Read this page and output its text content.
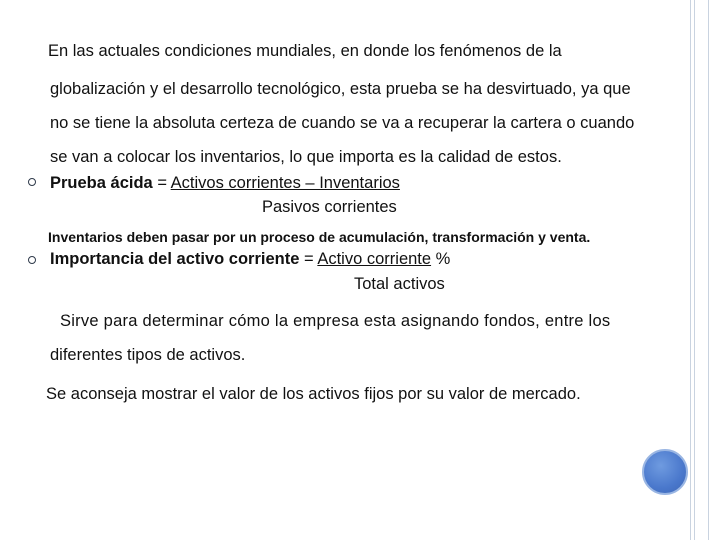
En las actuales condiciones mundiales, en donde los fenómenos de la
globalización y el desarrollo tecnológico, esta prueba se ha desvirtuado, ya que
no se tiene la absoluta certeza de cuando se va a recuperar la cartera o cuando
se van a colocar los inventarios, lo que importa es la calidad de estos.
Prueba ácida = Activos corrientes – Inventarios
Pasivos corrientes
Inventarios deben pasar por un proceso de acumulación, transformación y venta.
Importancia del activo corriente = Activo corriente %
Total activos
Sirve para determinar cómo la empresa esta asignando fondos, entre los
diferentes tipos de activos.
Se aconseja mostrar el valor de los activos fijos por su valor de mercado.
